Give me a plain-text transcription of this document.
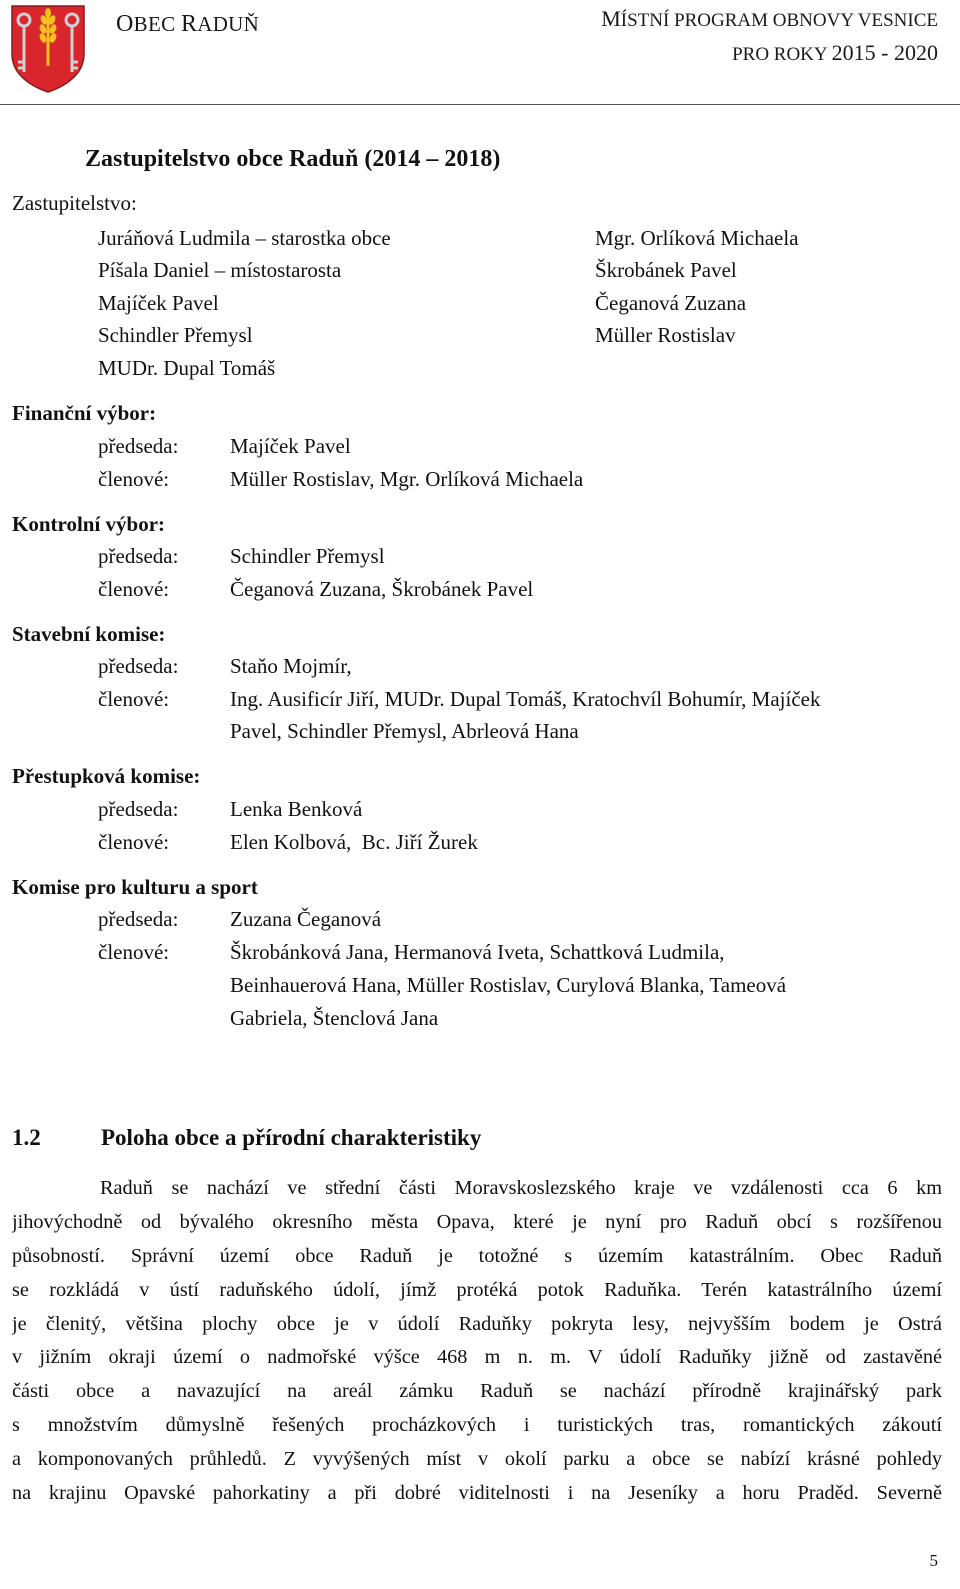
OBEC RADUŇ	MÍSTNÍ PROGRAM OBNOVY VESNICE
PRO ROKY 2015 - 2020
Zastupitelstvo obce Raduň (2014 – 2018)
Zastupitelstvo:
Juráňová Ludmila – starostka obce
Píšala Daniel – místostarosta
Majíček Pavel
Schindler Přemysl
MUDr. Dupal Tomáš
Mgr. Orlíková Michaela
Škrobánek Pavel
Čeganová Zuzana
Müller Rostislav
Finanční výbor:
předseda: Majíček Pavel
členové:	Müller Rostislav, Mgr. Orlíková Michaela
Kontrolní výbor:
předseda: Schindler Přemysl
členové:	Čeganová Zuzana, Škrobánek Pavel
Stavební komise:
předseda: Staňo Mojmír,
členové:	Ing. Ausificír Jiří, MUDr. Dupal Tomáš, Kratochvíl Bohumír, Majíček
Pavel, Schindler Přemysl, Abrleová Hana
Přestupková komise:
předseda: Lenka Benková
členové:	Elen Kolbová,  Bc. Jiří Žurek
Komise pro kulturu a sport
předseda: Zuzana Čeganová
členové:	Škrobánková Jana, Hermanová Iveta, Schattková Ludmila,
Beinhauerová Hana, Müller Rostislav, Curylová Blanka, Tameová
Gabriela, Štenclová Jana
1.2	Poloha obce a přírodní charakteristiky
Raduň se nachází ve střední části Moravskoslezského kraje ve vzdálenosti cca 6 km
jihovýchodně od bývalého okresního města Opava, které je nyní pro Raduň obcí s rozšířenou
působností. Správní území obce Raduň je totožné s územím katastrálním. Obec Raduň
se rozkládá v ústí raduňského údolí, jímž protéká potok Raduňka. Terén katastrálního území
je členitý, většina plochy obce je v údolí Raduňky pokryta lesy, nejvyšším bodem je Ostrá
v jižním okraji území o nadmořské výšce 468 m n. m. V údolí Raduňky jižně od zastavěné
části obce a navazující na areál zámku Raduň se nachází přírodně krajinářský park
s množstvím důmyslně řešených procházkových i turistických tras, romantických zákoutí
a komponovaných průhledů. Z vyvýšených míst v okolí parku a obce se nabízí krásné pohledy
na krajinu Opavské pahorkatiny a při dobré viditelnosti i na Jeseníky a horu Praděd. Severně
5
